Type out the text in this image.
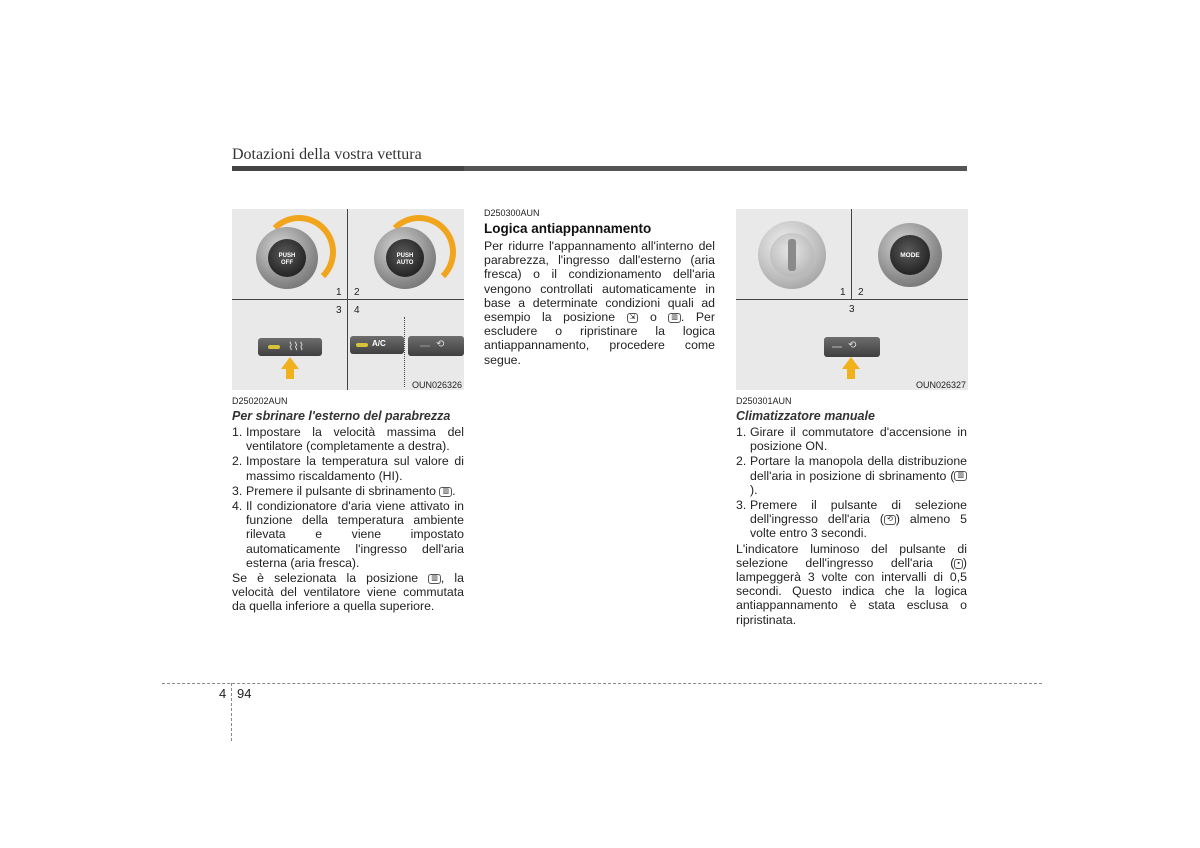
Dotazioni della vostra vettura
PUSH
OFF
PUSH
AUTO
1 2
3 4
⌇⌇⌇	A/C	⟲
OUN026326
MODE
1 2
3
⟲
OUN026327
D250202AUN
Per sbrinare l'esterno del parabrezza
1. Impostare la velocità massima del ventilatore (completamente a destra).
2. Impostare la temperatura sul valore di massimo riscaldamento (HI).
3. Premere il pulsante di sbrinamento ▥ .
4. Il condizionatore d'aria viene attivato in funzione della temperatura ambiente rilevata e viene impostato automaticamente l'ingresso dell'aria esterna (aria fresca).
Se è selezionata la posizione ▥ , la velocità del ventilatore viene commutata da quella inferiore a quella superiore.
D250300AUN
Logica antiappannamento
Per ridurre l'appannamento all'interno del parabrezza, l'ingresso dall'esterno (aria fresca) o il condizionamento dell'aria vengono controllati automaticamente in base a determinate condizioni quali ad esempio la posizione ⇲ o ▥ . Per escludere o ripristinare la logica antiappannamento, procedere come segue.
D250301AUN
Climatizzatore manuale
1. Girare il commutatore d'accensione in posizione ON.
2. Portare la manopola della distribuzione dell'aria in posizione di sbrinamento ( ▥).
3. Premere il pulsante di selezione dell'ingresso dell'aria ( ⟲ ) almeno 5 volte entro 3 secondi.
L'indicatore luminoso del pulsante di selezione dell'ingresso dell'aria ( ▪ ) lampeggerà 3 volte con intervalli di 0,5 secondi. Questo indica che la logica antiappannamento è stata esclusa o ripristinata.
4 94
